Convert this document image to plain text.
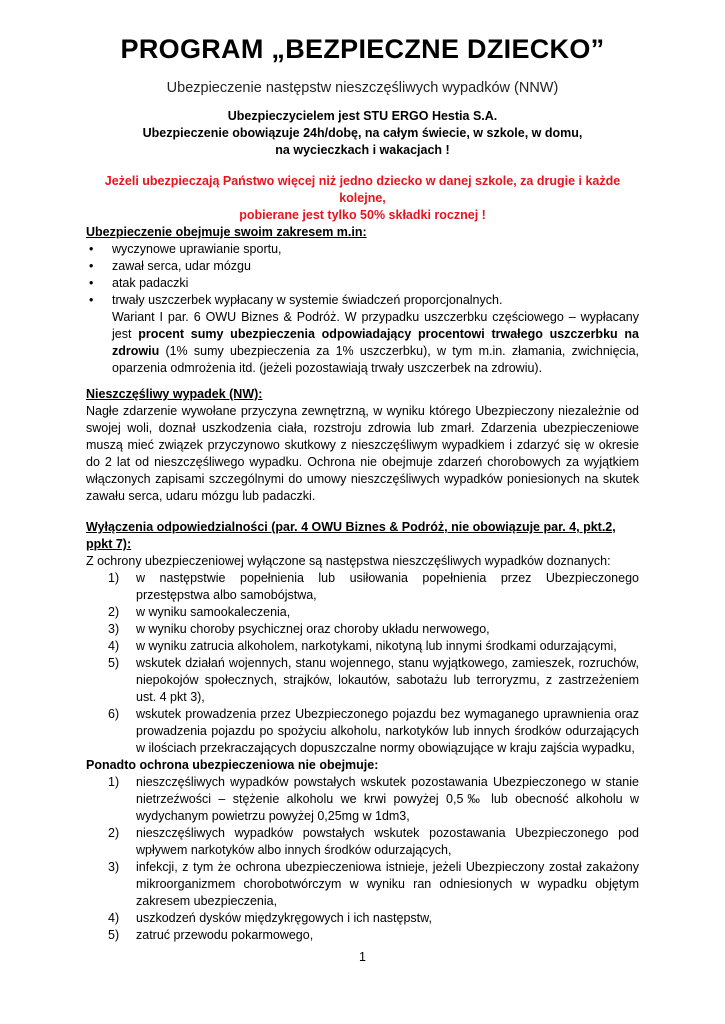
PROGRAM „BEZPIECZNE DZIECKO”
Ubezpieczenie następstw nieszczęśliwych wypadków (NNW)
Ubezpieczycielem jest STU ERGO Hestia S.A.
Ubezpieczenie obowiązuje 24h/dobę, na całym świecie, w szkole, w domu,
na wycieczkach i wakacjach !
Jeżeli ubezpieczają Państwo więcej niż jedno dziecko w danej szkole, za drugie i każde kolejne,
pobierane jest tylko 50% składki rocznej !
Ubezpieczenie obejmuje swoim zakresem m.in:
• wyczynowe uprawianie sportu,
• zawał serca, udar mózgu
• atak padaczki
• trwały uszczerbek wypłacany w systemie świadczeń proporcjonalnych.
Wariant I par. 6 OWU Biznes & Podróż. W przypadku uszczerbku częściowego – wypłacany jest procent sumy ubezpieczenia odpowiadający procentowi trwałego uszczerbku na zdrowiu (1% sumy ubezpieczenia za 1% uszczerbku), w tym m.in. złamania, zwichnięcia, oparzenia odmrożenia itd. (jeżeli pozostawiają trwały uszczerbek na zdrowiu).
Nieszczęśliwy wypadek (NW):
Nagłe zdarzenie wywołane przyczyna zewnętrzną, w wyniku którego Ubezpieczony niezależnie od swojej woli, doznał uszkodzenia ciała, rozstroju zdrowia lub zmarł. Zdarzenia ubezpieczeniowe muszą mieć związek przyczynowo skutkowy z nieszczęśliwym wypadkiem i zdarzyć się w okresie do 2 lat od nieszczęśliwego wypadku. Ochrona nie obejmuje zdarzeń chorobowych za wyjątkiem włączonych zapisami szczególnymi do umowy nieszczęśliwych wypadków poniesionych na skutek zawału serca, udaru mózgu lub padaczki.
Wyłączenia odpowiedzialności (par. 4 OWU Biznes & Podróż, nie obowiązuje par. 4, pkt.2, ppkt 7):
Z ochrony ubezpieczeniowej wyłączone są następstwa nieszczęśliwych wypadków doznanych:
1) w następstwie popełnienia lub usiłowania popełnienia przez Ubezpieczonego przestępstwa albo samobójstwa,
2) w wyniku samookaleczenia,
3) w wyniku choroby psychicznej oraz choroby układu nerwowego,
4) w wyniku zatrucia alkoholem, narkotykami, nikotyną lub innymi środkami odurzającymi,
5) wskutek działań wojennych, stanu wojennego, stanu wyjątkowego, zamieszek, rozruchów, niepokojów społecznych, strajków, lokautów, sabotażu lub terroryzmu, z zastrzeżeniem ust. 4 pkt 3),
6) wskutek prowadzenia przez Ubezpieczonego pojazdu bez wymaganego uprawnienia oraz prowadzenia pojazdu po spożyciu alkoholu, narkotyków lub innych środków odurzających w ilościach przekraczających dopuszczalne normy obowiązujące w kraju zajścia wypadku,
Ponadto ochrona ubezpieczeniowa nie obejmuje:
1) nieszczęśliwych wypadków powstałych wskutek pozostawania Ubezpieczonego w stanie nietrzeźwości – stężenie alkoholu we krwi powyżej 0,5‰ lub obecność alkoholu w wydychanym powietrzu powyżej 0,25mg w 1dm3,
2) nieszczęśliwych wypadków powstałych wskutek pozostawania Ubezpieczonego pod wpływem narkotyków albo innych środków odurzających,
3) infekcji, z tym że ochrona ubezpieczeniowa istnieje, jeżeli Ubezpieczony został zakażony mikroorganizmem chorobotwórczym w wyniku ran odniesionych w wypadku objętym zakresem ubezpieczenia,
4) uszkodzeń dysków międzykręgowych i ich następstw,
5) zatruć przewodu pokarmowego,
1
